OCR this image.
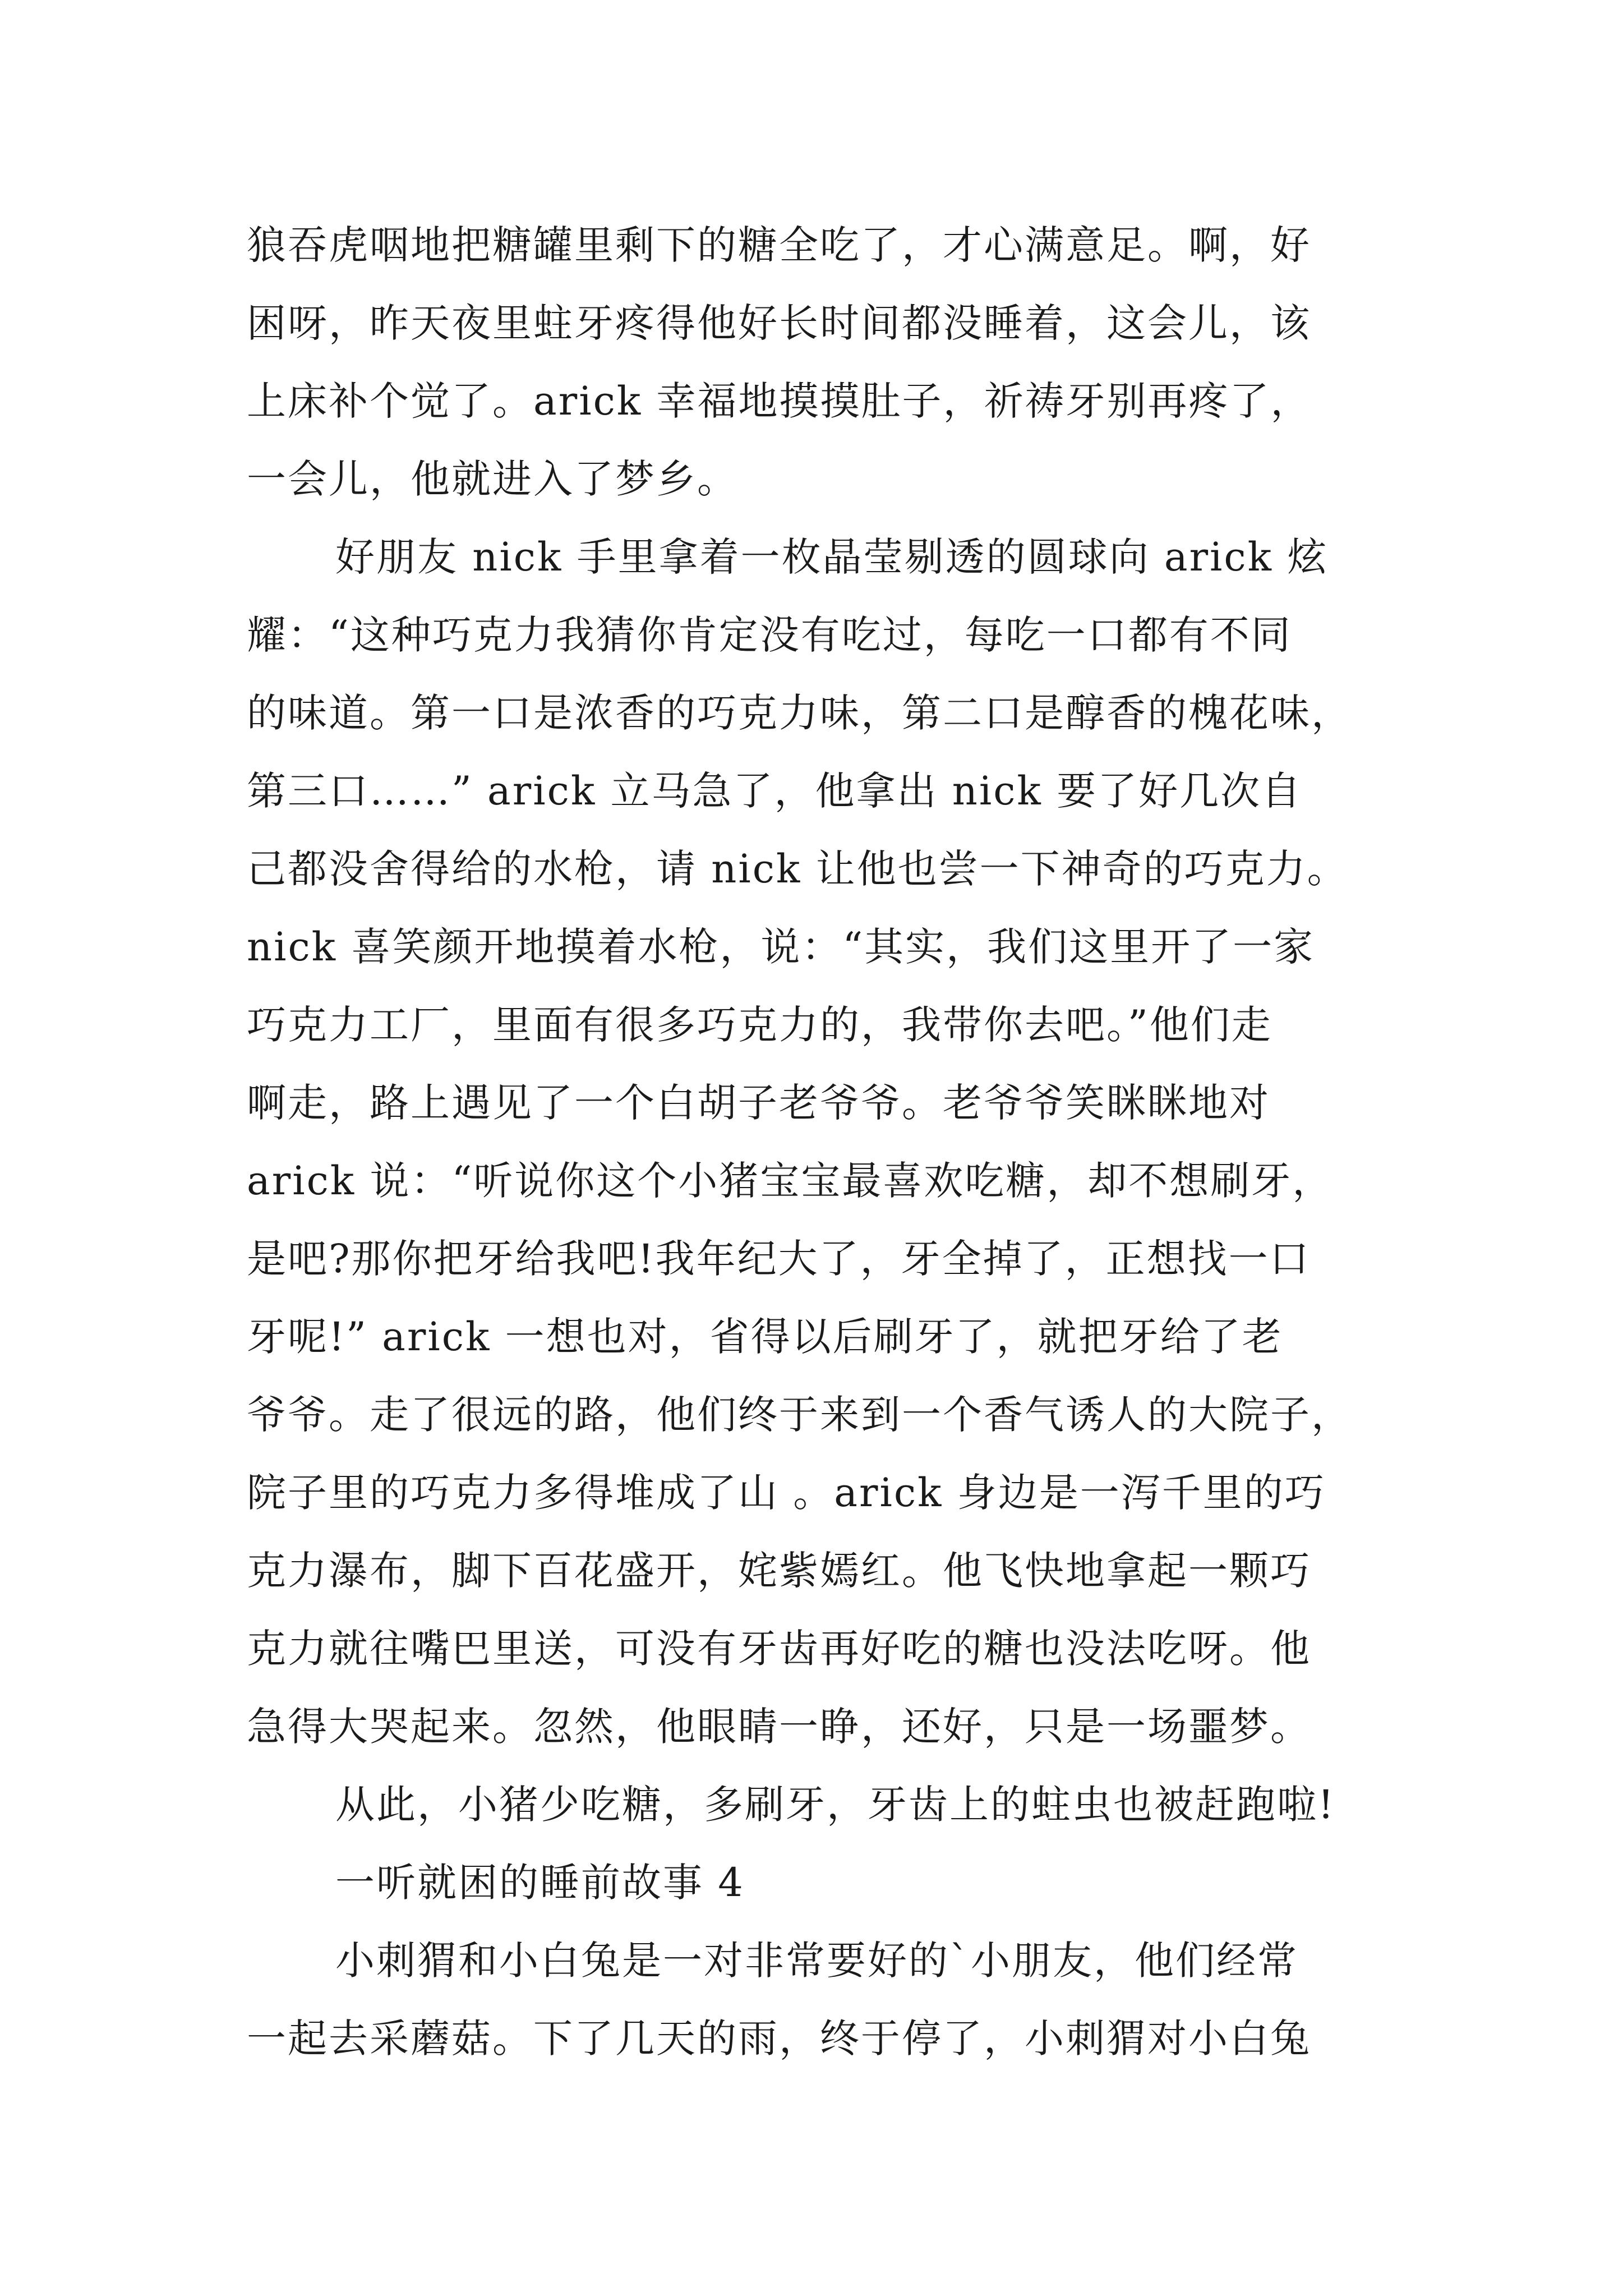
狼吞虎咽地把糖罐里剩下的糖全吃了，才心满意足。啊，好
困呀，昨天夜里蛀牙疼得他好长时间都没睡着，这会儿，该
上床补个觉了。arick 幸福地摸摸肚子，祈祷牙别再疼了，
一会儿，他就进入了梦乡。
好朋友 nick 手里拿着一枚晶莹剔透的圆球向 arick 炫
耀：“这种巧克力我猜你肯定没有吃过，每吃一口都有不同
的味道。第一口是浓香的巧克力味，第二口是醇香的槐花味，
第三口……” arick 立马急了，他拿出 nick 要了好几次自
己都没舍得给的水枪，请 nick 让他也尝一下神奇的巧克力。
nick 喜笑颜开地摸着水枪，说：“其实，我们这里开了一家
巧克力工厂，里面有很多巧克力的，我带你去吧。”他们走
啊走，路上遇见了一个白胡子老爷爷。老爷爷笑眯眯地对
arick 说：“听说你这个小猪宝宝最喜欢吃糖，却不想刷牙，
是吧?那你把牙给我吧!我年纪大了，牙全掉了，正想找一口
牙呢!” arick 一想也对，省得以后刷牙了，就把牙给了老
爷爷。走了很远的路，他们终于来到一个香气诱人的大院子，
院子里的巧克力多得堆成了山 。arick 身边是一泻千里的巧
克力瀑布，脚下百花盛开，姹紫嫣红。他飞快地拿起一颗巧
克力就往嘴巴里送，可没有牙齿再好吃的糖也没法吃呀。他
急得大哭起来。忽然，他眼睛一睁，还好，只是一场噩梦。
从此，小猪少吃糖，多刷牙，牙齿上的蛀虫也被赶跑啦!
一听就困的睡前故事 4
小刺猬和小白兔是一对非常要好的`小朋友，他们经常
一起去采蘑菇。下了几天的雨，终于停了，小刺猬对小白兔
